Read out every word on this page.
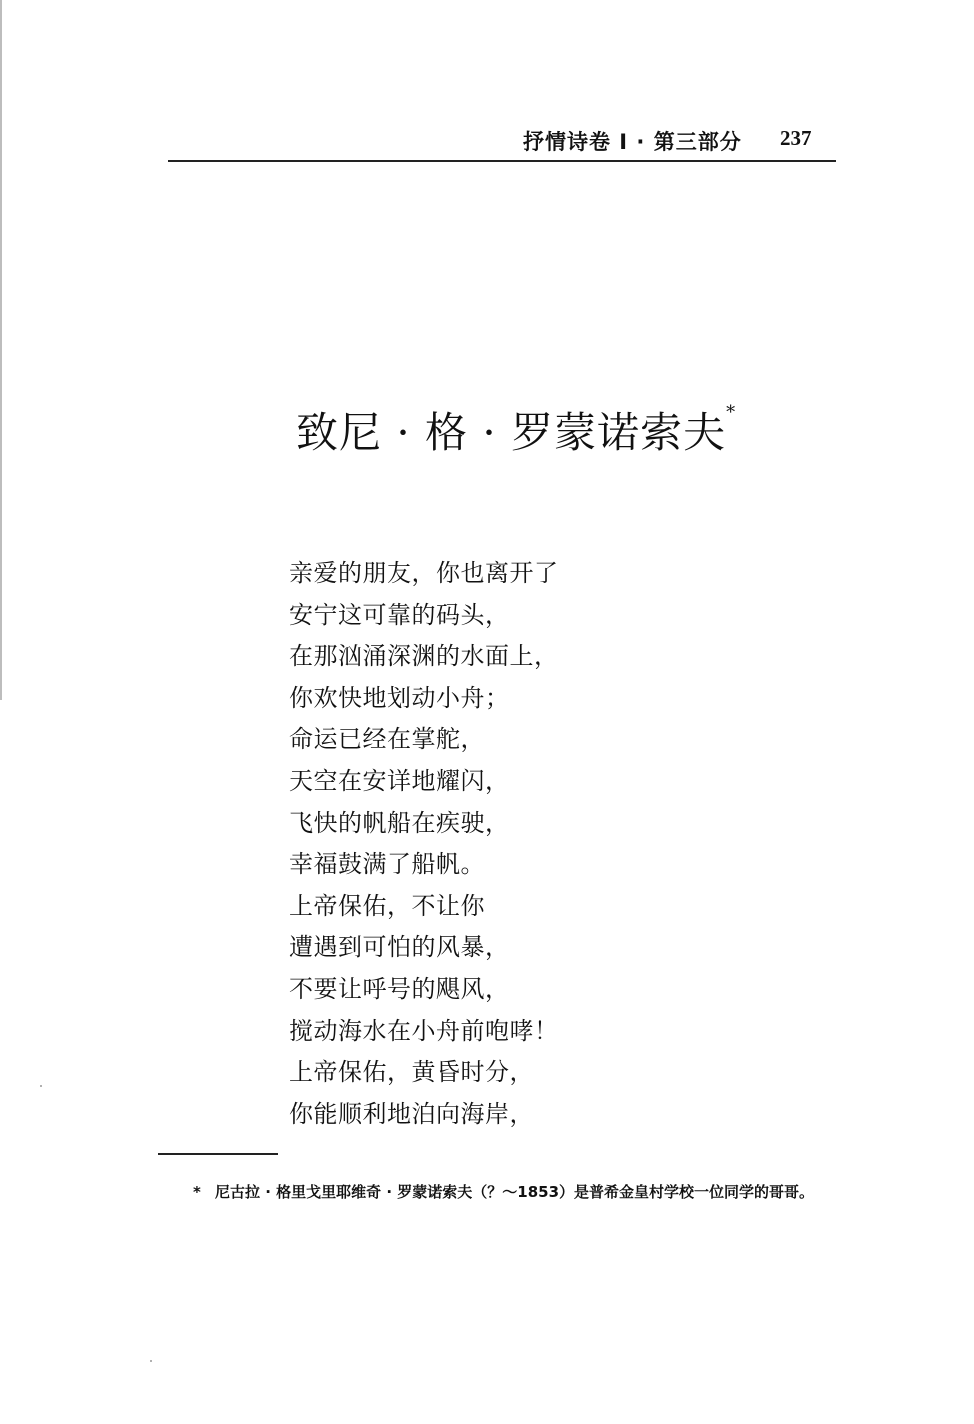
抒情诗卷 I · 第三部分 237
致尼 · 格 · 罗蒙诺索夫*
亲爱的朋友，你也离开了
安宁这可靠的码头，
在那汹涌深渊的水面上，
你欢快地划动小舟；
命运已经在掌舵，
天空在安详地耀闪，
飞快的帆船在疾驶，
幸福鼓满了船帆。
上帝保佑，不让你
遭遇到可怕的风暴，
不要让呼号的飓风，
搅动海水在小舟前咆哮！
上帝保佑，黄昏时分，
你能顺利地泊向海岸，
* 尼古拉 · 格里戈里耶维奇 · 罗蒙诺索夫（？～1853）是普希金皇村学校一位同学的哥哥。
